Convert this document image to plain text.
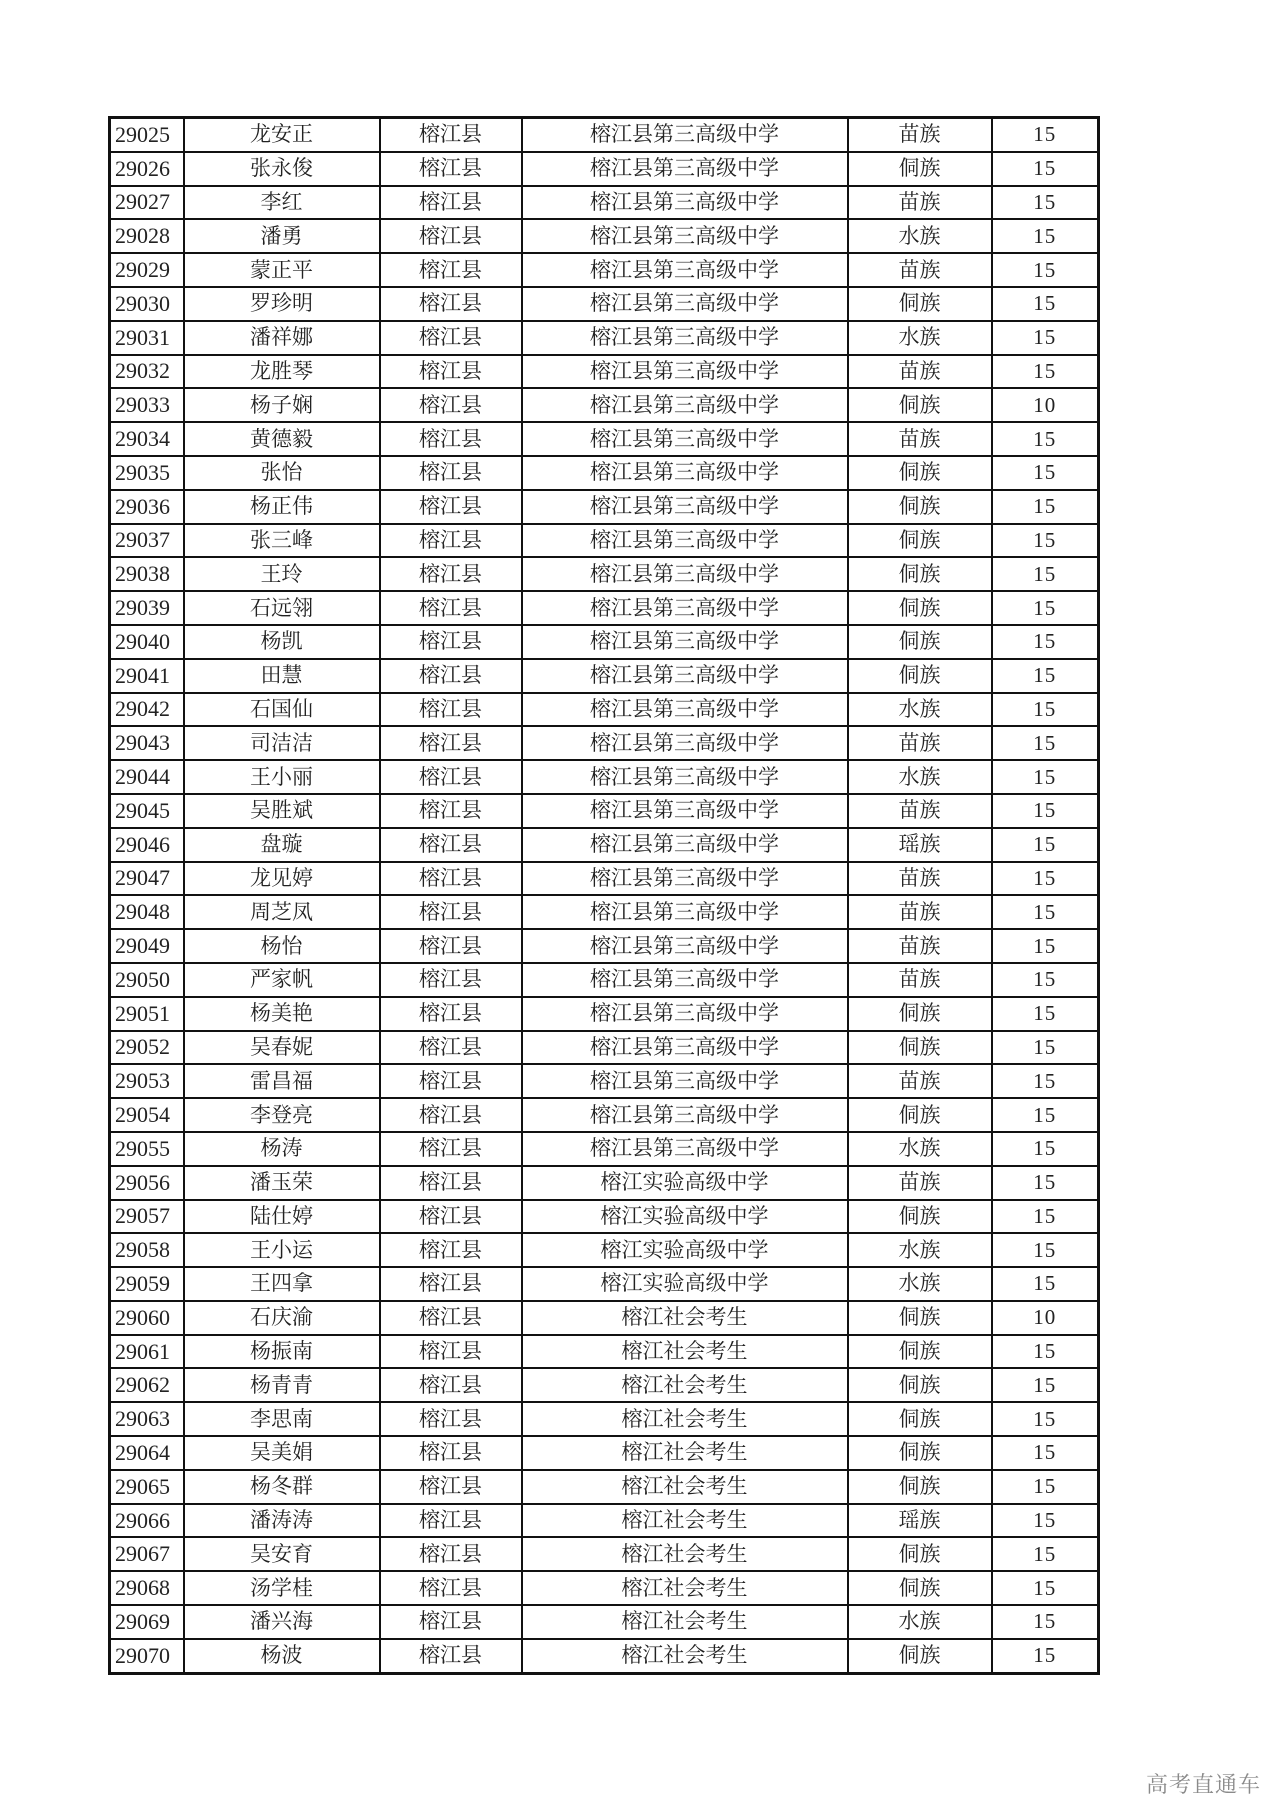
29025	龙安正	榕江县	榕江县第三高级中学	苗族	15
29026	张永俊	榕江县	榕江县第三高级中学	侗族	15
29027	李红	榕江县	榕江县第三高级中学	苗族	15
29028	潘勇	榕江县	榕江县第三高级中学	水族	15
29029	蒙正平	榕江县	榕江县第三高级中学	苗族	15
29030	罗珍明	榕江县	榕江县第三高级中学	侗族	15
29031	潘祥娜	榕江县	榕江县第三高级中学	水族	15
29032	龙胜琴	榕江县	榕江县第三高级中学	苗族	15
29033	杨子娴	榕江县	榕江县第三高级中学	侗族	10
29034	黄德毅	榕江县	榕江县第三高级中学	苗族	15
29035	张怡	榕江县	榕江县第三高级中学	侗族	15
29036	杨正伟	榕江县	榕江县第三高级中学	侗族	15
29037	张三峰	榕江县	榕江县第三高级中学	侗族	15
29038	王玲	榕江县	榕江县第三高级中学	侗族	15
29039	石远翎	榕江县	榕江县第三高级中学	侗族	15
29040	杨凯	榕江县	榕江县第三高级中学	侗族	15
29041	田慧	榕江县	榕江县第三高级中学	侗族	15
29042	石国仙	榕江县	榕江县第三高级中学	水族	15
29043	司洁洁	榕江县	榕江县第三高级中学	苗族	15
29044	王小丽	榕江县	榕江县第三高级中学	水族	15
29045	吴胜斌	榕江县	榕江县第三高级中学	苗族	15
29046	盘璇	榕江县	榕江县第三高级中学	瑶族	15
29047	龙见婷	榕江县	榕江县第三高级中学	苗族	15
29048	周芝凤	榕江县	榕江县第三高级中学	苗族	15
29049	杨怡	榕江县	榕江县第三高级中学	苗族	15
29050	严家帆	榕江县	榕江县第三高级中学	苗族	15
29051	杨美艳	榕江县	榕江县第三高级中学	侗族	15
29052	吴春妮	榕江县	榕江县第三高级中学	侗族	15
29053	雷昌福	榕江县	榕江县第三高级中学	苗族	15
29054	李登亮	榕江县	榕江县第三高级中学	侗族	15
29055	杨涛	榕江县	榕江县第三高级中学	水族	15
29056	潘玉荣	榕江县	榕江实验高级中学	苗族	15
29057	陆仕婷	榕江县	榕江实验高级中学	侗族	15
29058	王小运	榕江县	榕江实验高级中学	水族	15
29059	王四拿	榕江县	榕江实验高级中学	水族	15
29060	石庆渝	榕江县	榕江社会考生	侗族	10
29061	杨振南	榕江县	榕江社会考生	侗族	15
29062	杨青青	榕江县	榕江社会考生	侗族	15
29063	李思南	榕江县	榕江社会考生	侗族	15
29064	吴美娟	榕江县	榕江社会考生	侗族	15
29065	杨冬群	榕江县	榕江社会考生	侗族	15
29066	潘涛涛	榕江县	榕江社会考生	瑶族	15
29067	吴安育	榕江县	榕江社会考生	侗族	15
29068	汤学桂	榕江县	榕江社会考生	侗族	15
29069	潘兴海	榕江县	榕江社会考生	水族	15
29070	杨波	榕江县	榕江社会考生	侗族	15
高考直通车
